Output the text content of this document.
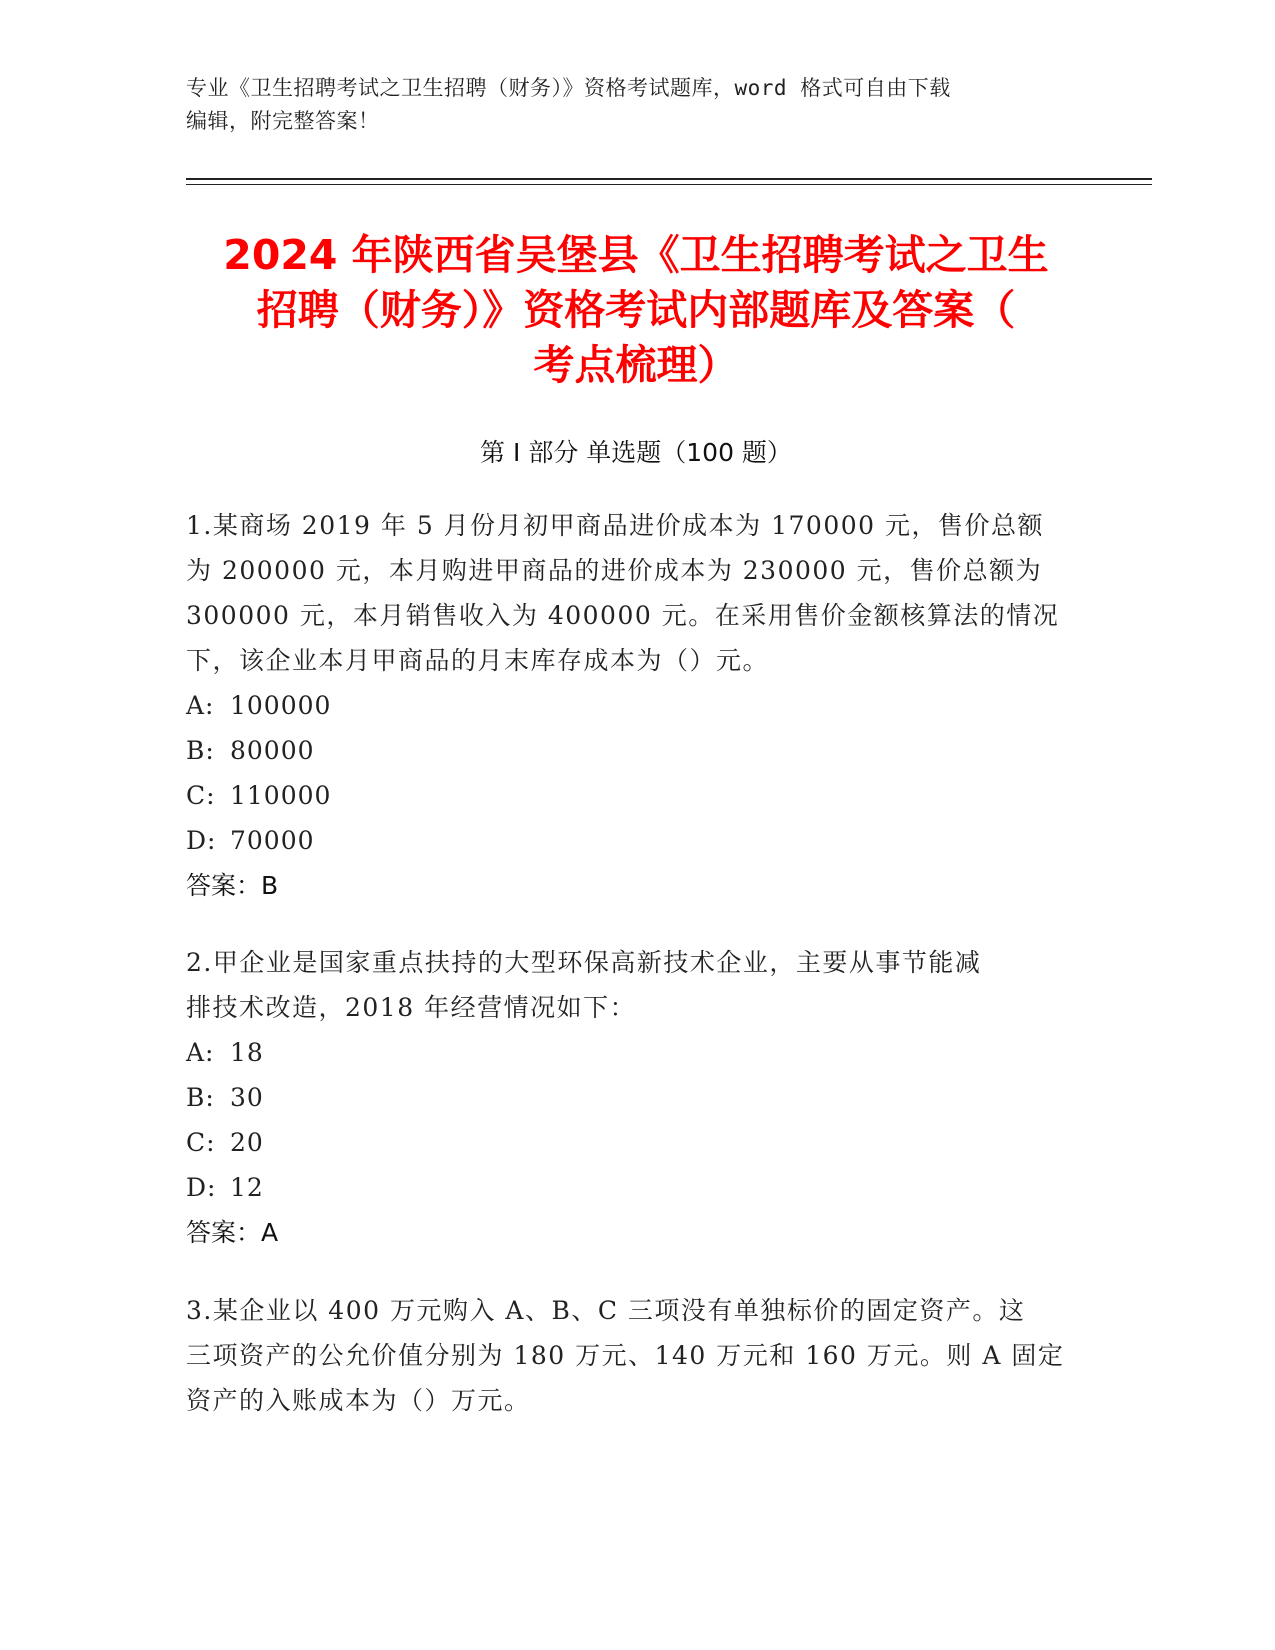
专业《卫生招聘考试之卫生招聘（财务）》资格考试题库，word 格式可自由下载
编辑，附完整答案！
2024 年陕西省吴堡县《卫生招聘考试之卫生
招聘（财务）》资格考试内部题库及答案（
考点梳理）
第 I 部分 单选题（100 题）

1.某商场 2019 年 5 月份月初甲商品进价成本为 170000 元，售价总额

为 200000 元，本月购进甲商品的进价成本为 230000 元，售价总额为

300000 元，本月销售收入为 400000 元。在采用售价金额核算法的情况

下，该企业本月甲商品的月末库存成本为（）元。

A: 100000

B: 80000

C: 110000

D: 70000

答案：B

2.甲企业是国家重点扶持的大型环保高新技术企业，主要从事节能减

排技术改造，2018 年经营情况如下：

A: 18

B: 30

C: 20

D: 12

答案：A

3.某企业以 400 万元购入 A、B、C 三项没有单独标价的固定资产。这

三项资产的公允价值分别为 180 万元、140 万元和 160 万元。则 A 固定

资产的入账成本为（）万元。
